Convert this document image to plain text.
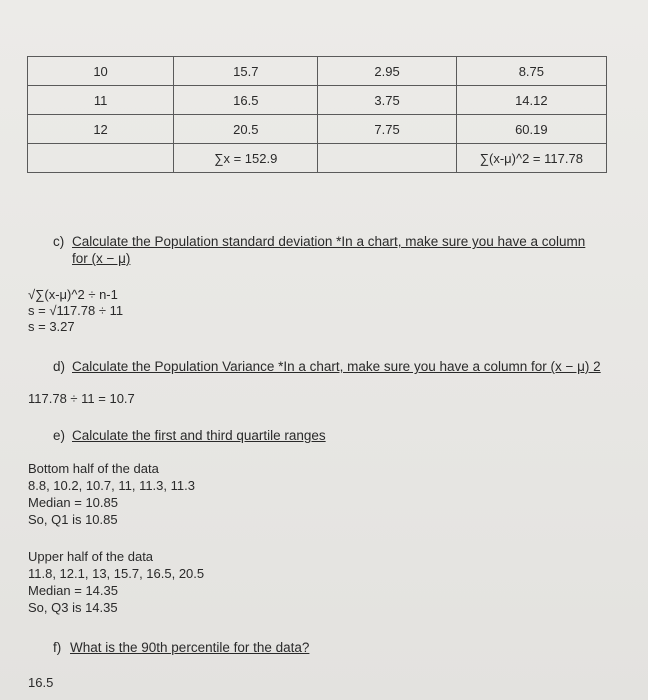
10	15.7	2.95	8.75
11	16.5	3.75	14.12
12	20.5	7.75	60.19
	∑x = 152.9		∑(x-μ)^2 = 117.78
c) Calculate the Population standard deviation *In a chart, make sure you have a column
for (x − μ)
√∑(x-μ)^2 ÷ n-1
s = √117.78 ÷ 11
s = 3.27
d) Calculate the Population Variance *In a chart, make sure you have a column for (x − μ) 2
117.78 ÷ 11 = 10.7
e) Calculate the first and third quartile ranges
Bottom half of the data
8.8, 10.2, 10.7, 11, 11.3, 11.3
Median = 10.85
So, Q1 is 10.85
Upper half of the data
11.8, 12.1, 13, 15.7, 16.5, 20.5
Median = 14.35
So, Q3 is 14.35
f) What is the 90th percentile for the data?
16.5
